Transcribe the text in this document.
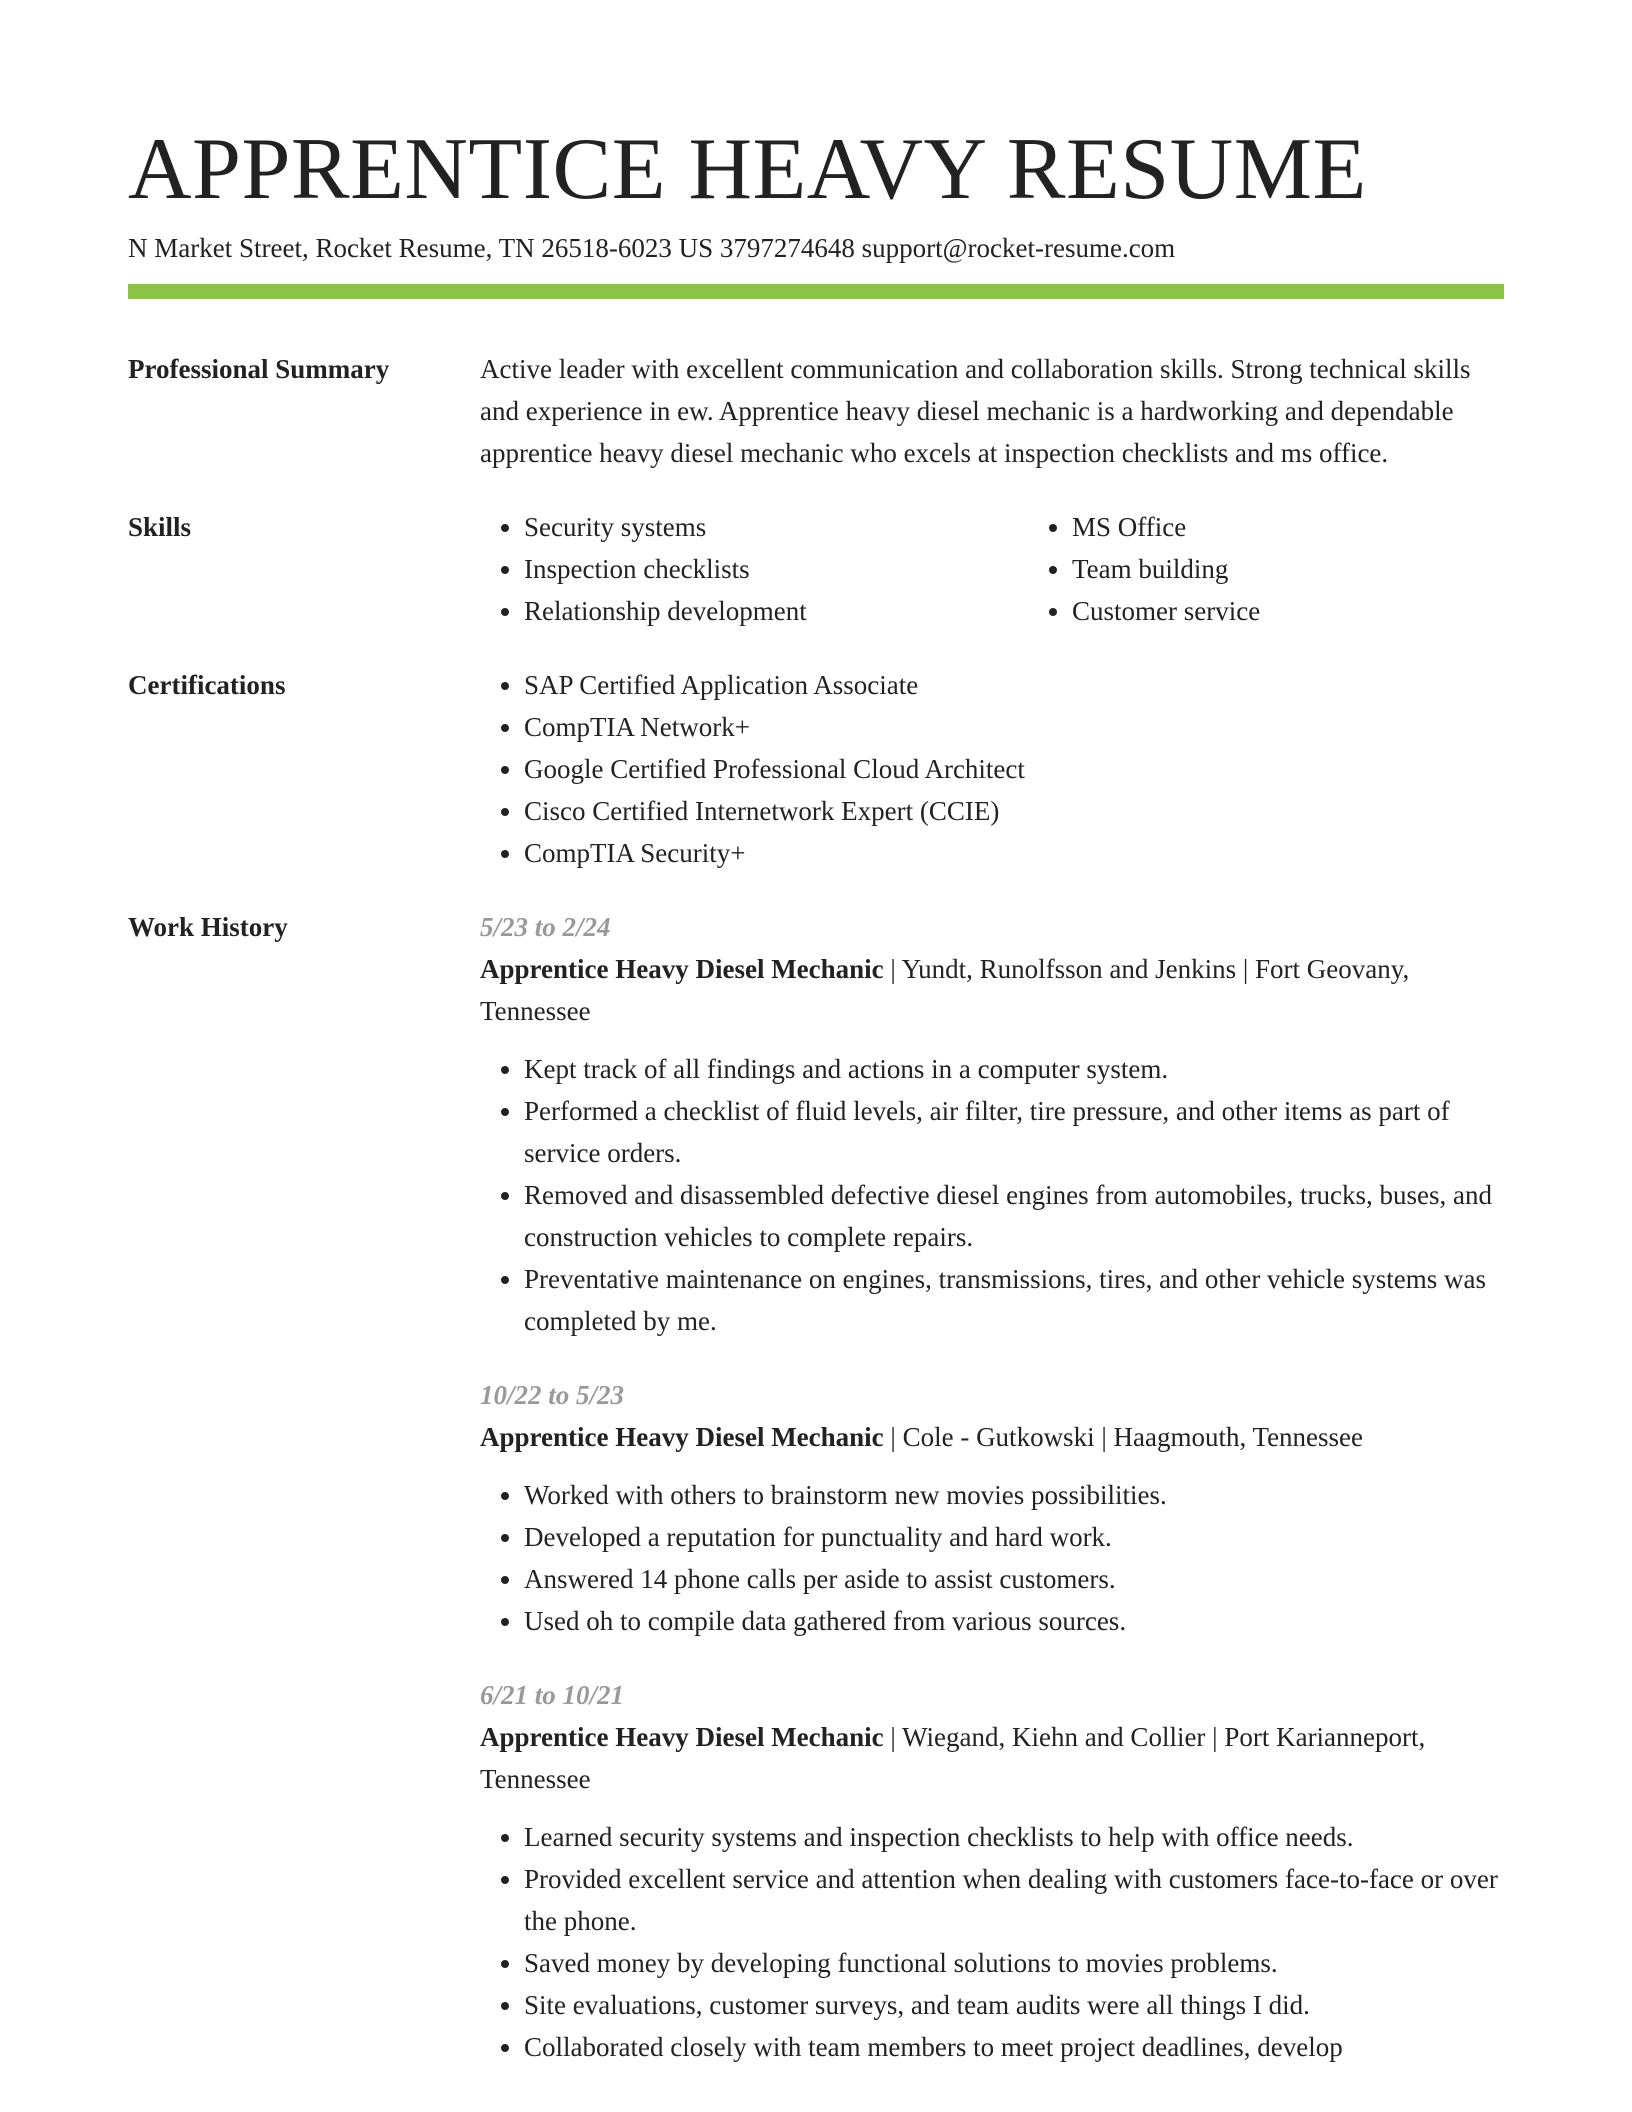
APPRENTICE HEAVY RESUME
N Market Street, Rocket Resume, TN 26518-6023 US 3797274648 support@rocket-resume.com
Professional Summary	Active leader with excellent communication and collaboration skills. Strong technical skills and experience in ew. Apprentice heavy diesel mechanic is a hardworking and dependable apprentice heavy diesel mechanic who excels at inspection checklists and ms office.
Skills	• Security systems
• Inspection checklists
• Relationship development
• MS Office
• Team building
• Customer service
Certifications	• SAP Certified Application Associate
• CompTIA Network+
• Google Certified Professional Cloud Architect
• Cisco Certified Internetwork Expert (CCIE)
• CompTIA Security+
Work History	5/23 to 2/24
Apprentice Heavy Diesel Mechanic | Yundt, Runolfsson and Jenkins | Fort Geovany, Tennessee
• Kept track of all findings and actions in a computer system.
• Performed a checklist of fluid levels, air filter, tire pressure, and other items as part of service orders.
• Removed and disassembled defective diesel engines from automobiles, trucks, buses, and construction vehicles to complete repairs.
• Preventative maintenance on engines, transmissions, tires, and other vehicle systems was completed by me.
10/22 to 5/23
Apprentice Heavy Diesel Mechanic | Cole - Gutkowski | Haagmouth, Tennessee
• Worked with others to brainstorm new movies possibilities.
• Developed a reputation for punctuality and hard work.
• Answered 14 phone calls per aside to assist customers.
• Used oh to compile data gathered from various sources.
6/21 to 10/21
Apprentice Heavy Diesel Mechanic | Wiegand, Kiehn and Collier | Port Karianneport, Tennessee
• Learned security systems and inspection checklists to help with office needs.
• Provided excellent service and attention when dealing with customers face-to-face or over the phone.
• Saved money by developing functional solutions to movies problems.
• Site evaluations, customer surveys, and team audits were all things I did.
• Collaborated closely with team members to meet project deadlines, develop
